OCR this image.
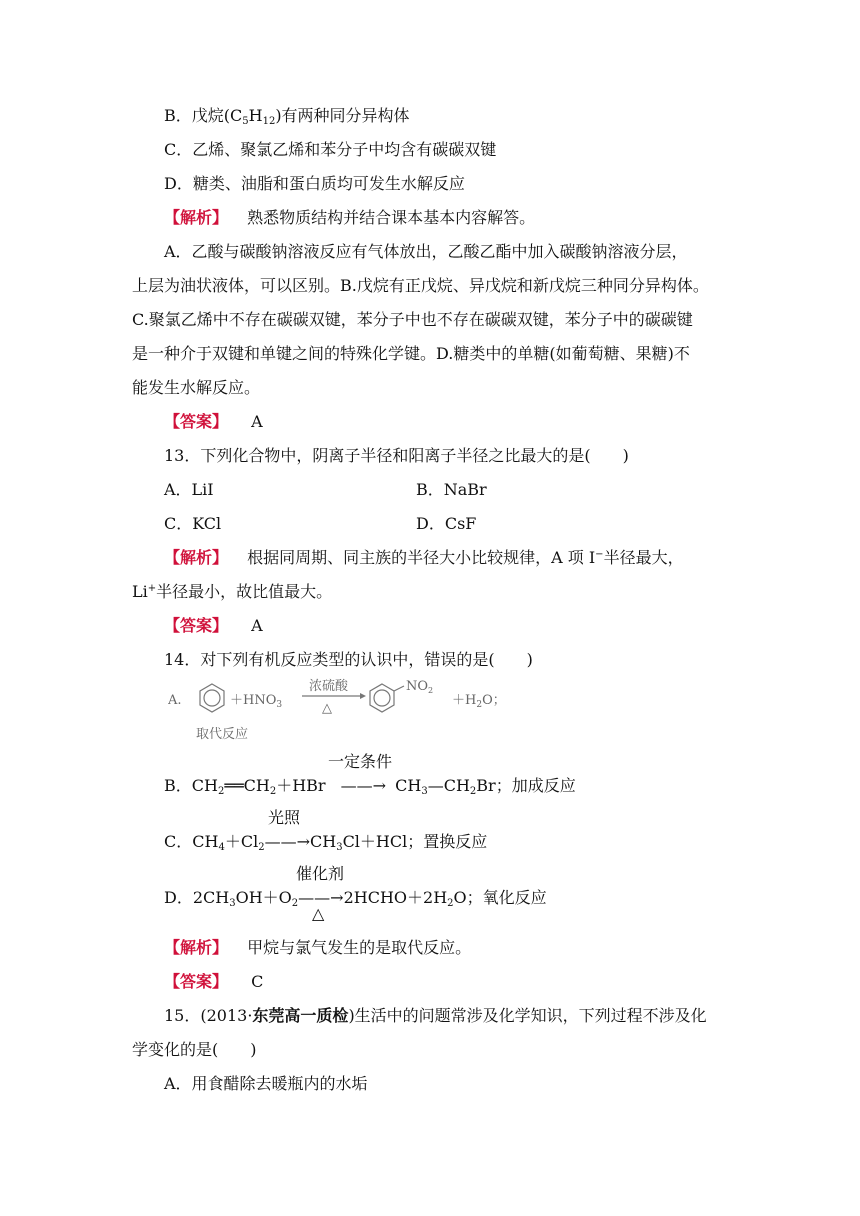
B．戊烷$(C_5H_{12})$有两种同分异构体
C．乙烯、聚氯乙烯和苯分子中均含有碳碳双键
D．糖类、油脂和蛋白质均可发生水解反应
【解析】 熟悉物质结构并结合课本基本内容解答。
A．乙酸与碳酸钠溶液反应有气体放出，乙酸乙酯中加入碳酸钠溶液分层，
上层为油状液体，可以区别。B.戊烷有正戊烷、异戊烷和新戊烷三种同分异构体。
C.聚氯乙烯中不存在碳碳双键，苯分子中也不存在碳碳双键，苯分子中的碳碳键
是一种介于双键和单键之间的特殊化学键。D.糖类中的单糖(如葡萄糖、果糖)不
能发生水解反应。
【答案】 A
13．下列化合物中，阴离子半径和阳离子半径之比最大的是(　　)
A．LiI	B．NaBr
C．KCl	D．CsF
【解析】 根据同周期、同主族的半径大小比较规律，A 项 I−半径最大，
Li+半径最小，故比值最大。
【答案】 A
14．对下列有机反应类型的认识中，错误的是(　　)
A.	$+HNO_3$
浓硫酸
△
$NO_2$
$+H_2O$；
取代反应
一定条件
B．$CH_2══CH_2+HBr$ ——→ $CH_3—CH_2Br$；加成反应
光照
C．$CH_4+Cl_2——\to CH_3Cl+HCl$；置换反应
催化剂
D．$2CH_3OH+O_2——\to 2HCHO+2H_2O$；氧化反应
△
【解析】 甲烷与氯气发生的是取代反应。
【答案】 C
15．(2013·东莞高一质检)生活中的问题常涉及化学知识，下列过程不涉及化
学变化的是(　　)
A．用食醋除去暖瓶内的水垢
